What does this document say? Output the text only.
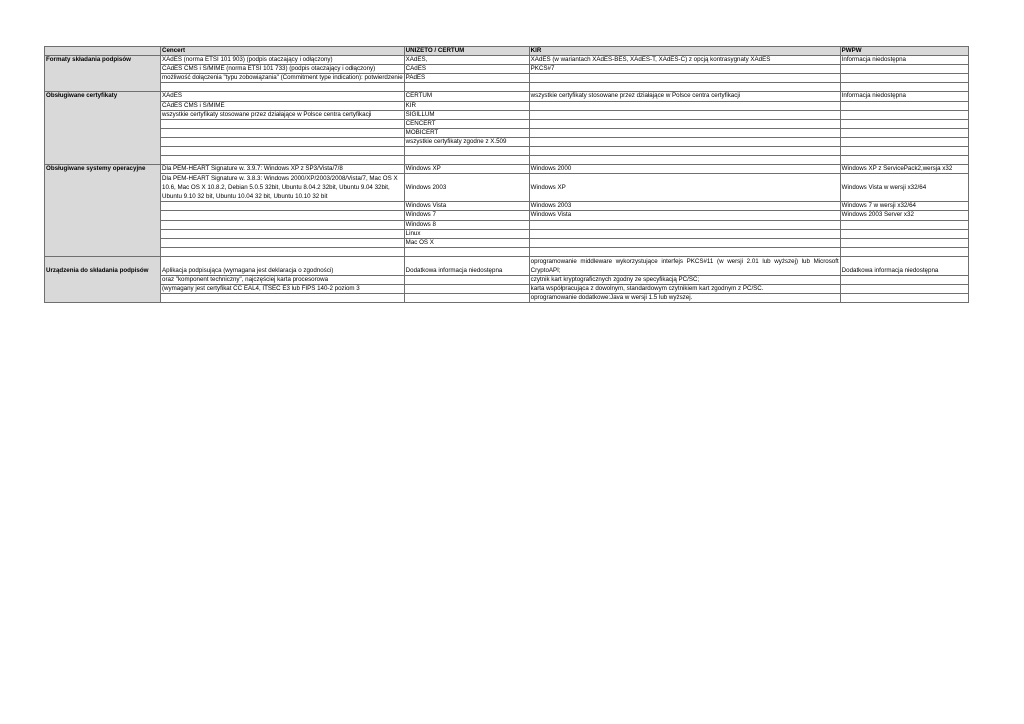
	Cencert	UNIZETO / CERTUM	KIR	PWPW
Formaty składania podpisów	XAdES (norma ETSI 101 903) (podpis otaczający i odłączony)	XAdES,	XAdES (w wariantach XAdES-BES, XAdES-T, XAdES-C) z opcją kontrasygnaty XAdES	Informacja niedostępna
	CAdES CMS i S/MIME (norma ETSI 101 733) (podpis otaczający i odłączony)	CAdES	PKCS#7	
	możliwość dołączenia "typu zobowiązania" (Commitment type indication): potwierdzenie	PAdES		

Obsługiwane certyfikaty	XAdES	CERTUM	wszystkie certyfikaty stosowane przez działające w Polsce centra certyfikacji	Informacja niedostępna
	CAdES CMS i S/MIME	KIR		
	wszystkie certyfikaty stosowane przez działające w Polsce centra certyfikacji	SIGILLUM		
		CENCERT		
		MOBICERT		
		wszystkie certyfikaty zgodne z X.509		

Obsługiwane systemy operacyjne	Dla PEM-HEART Signature w. 3.9.7: Windows XP z SP3/Vista/7/8	Windows XP	Windows 2000	Windows XP z ServicePack2,wersja x32
	Dla PEM-HEART Signature w. 3.8.3: Windows 2000/XP/2003/2008/Vista/7, Mac OS X 10.6, Mac OS X 10.8.2, Debian 5.0.5 32bit, Ubuntu 8.04.2 32bit, Ubuntu 9.04 32bit, Ubuntu 9.10 32 bit, Ubuntu 10.04 32 bit, Ubuntu 10.10 32 bit	Windows 2003	Windows XP	Windows Vista w wersji x32/64
		Windows Vista	Windows 2003	Windows 7 w wersji x32/64
		Windows 7	Windows Vista	Windows 2003 Server x32
		Windows 8		
		Linux		
		Mac OS X		

Urządzenia do składania podpisów	Aplikacja podpisująca (wymagana jest deklaracja o zgodności)	Dodatkowa informacja niedostępna	oprogramowanie middleware wykorzystujące interfejs PKCS#11 (w wersji 2.01 lub wyższej) lub Microsoft CryptoAPI;	Dodatkowa informacja niedostępna
	oraz "komponent techniczny", najczęściej karta procesorowa		czytnik kart kryptograficznych zgodny ze specyfikacją PC/SC;	
	(wymagany jest certyfikat CC EAL4, ITSEC E3 lub FIPS 140-2 poziom 3		karta współpracująca z dowolnym, standardowym czytnikiem kart zgodnym z PC/SC.	
			oprogramowanie dodatkowe:Java w wersji 1.5 lub wyższej.	
